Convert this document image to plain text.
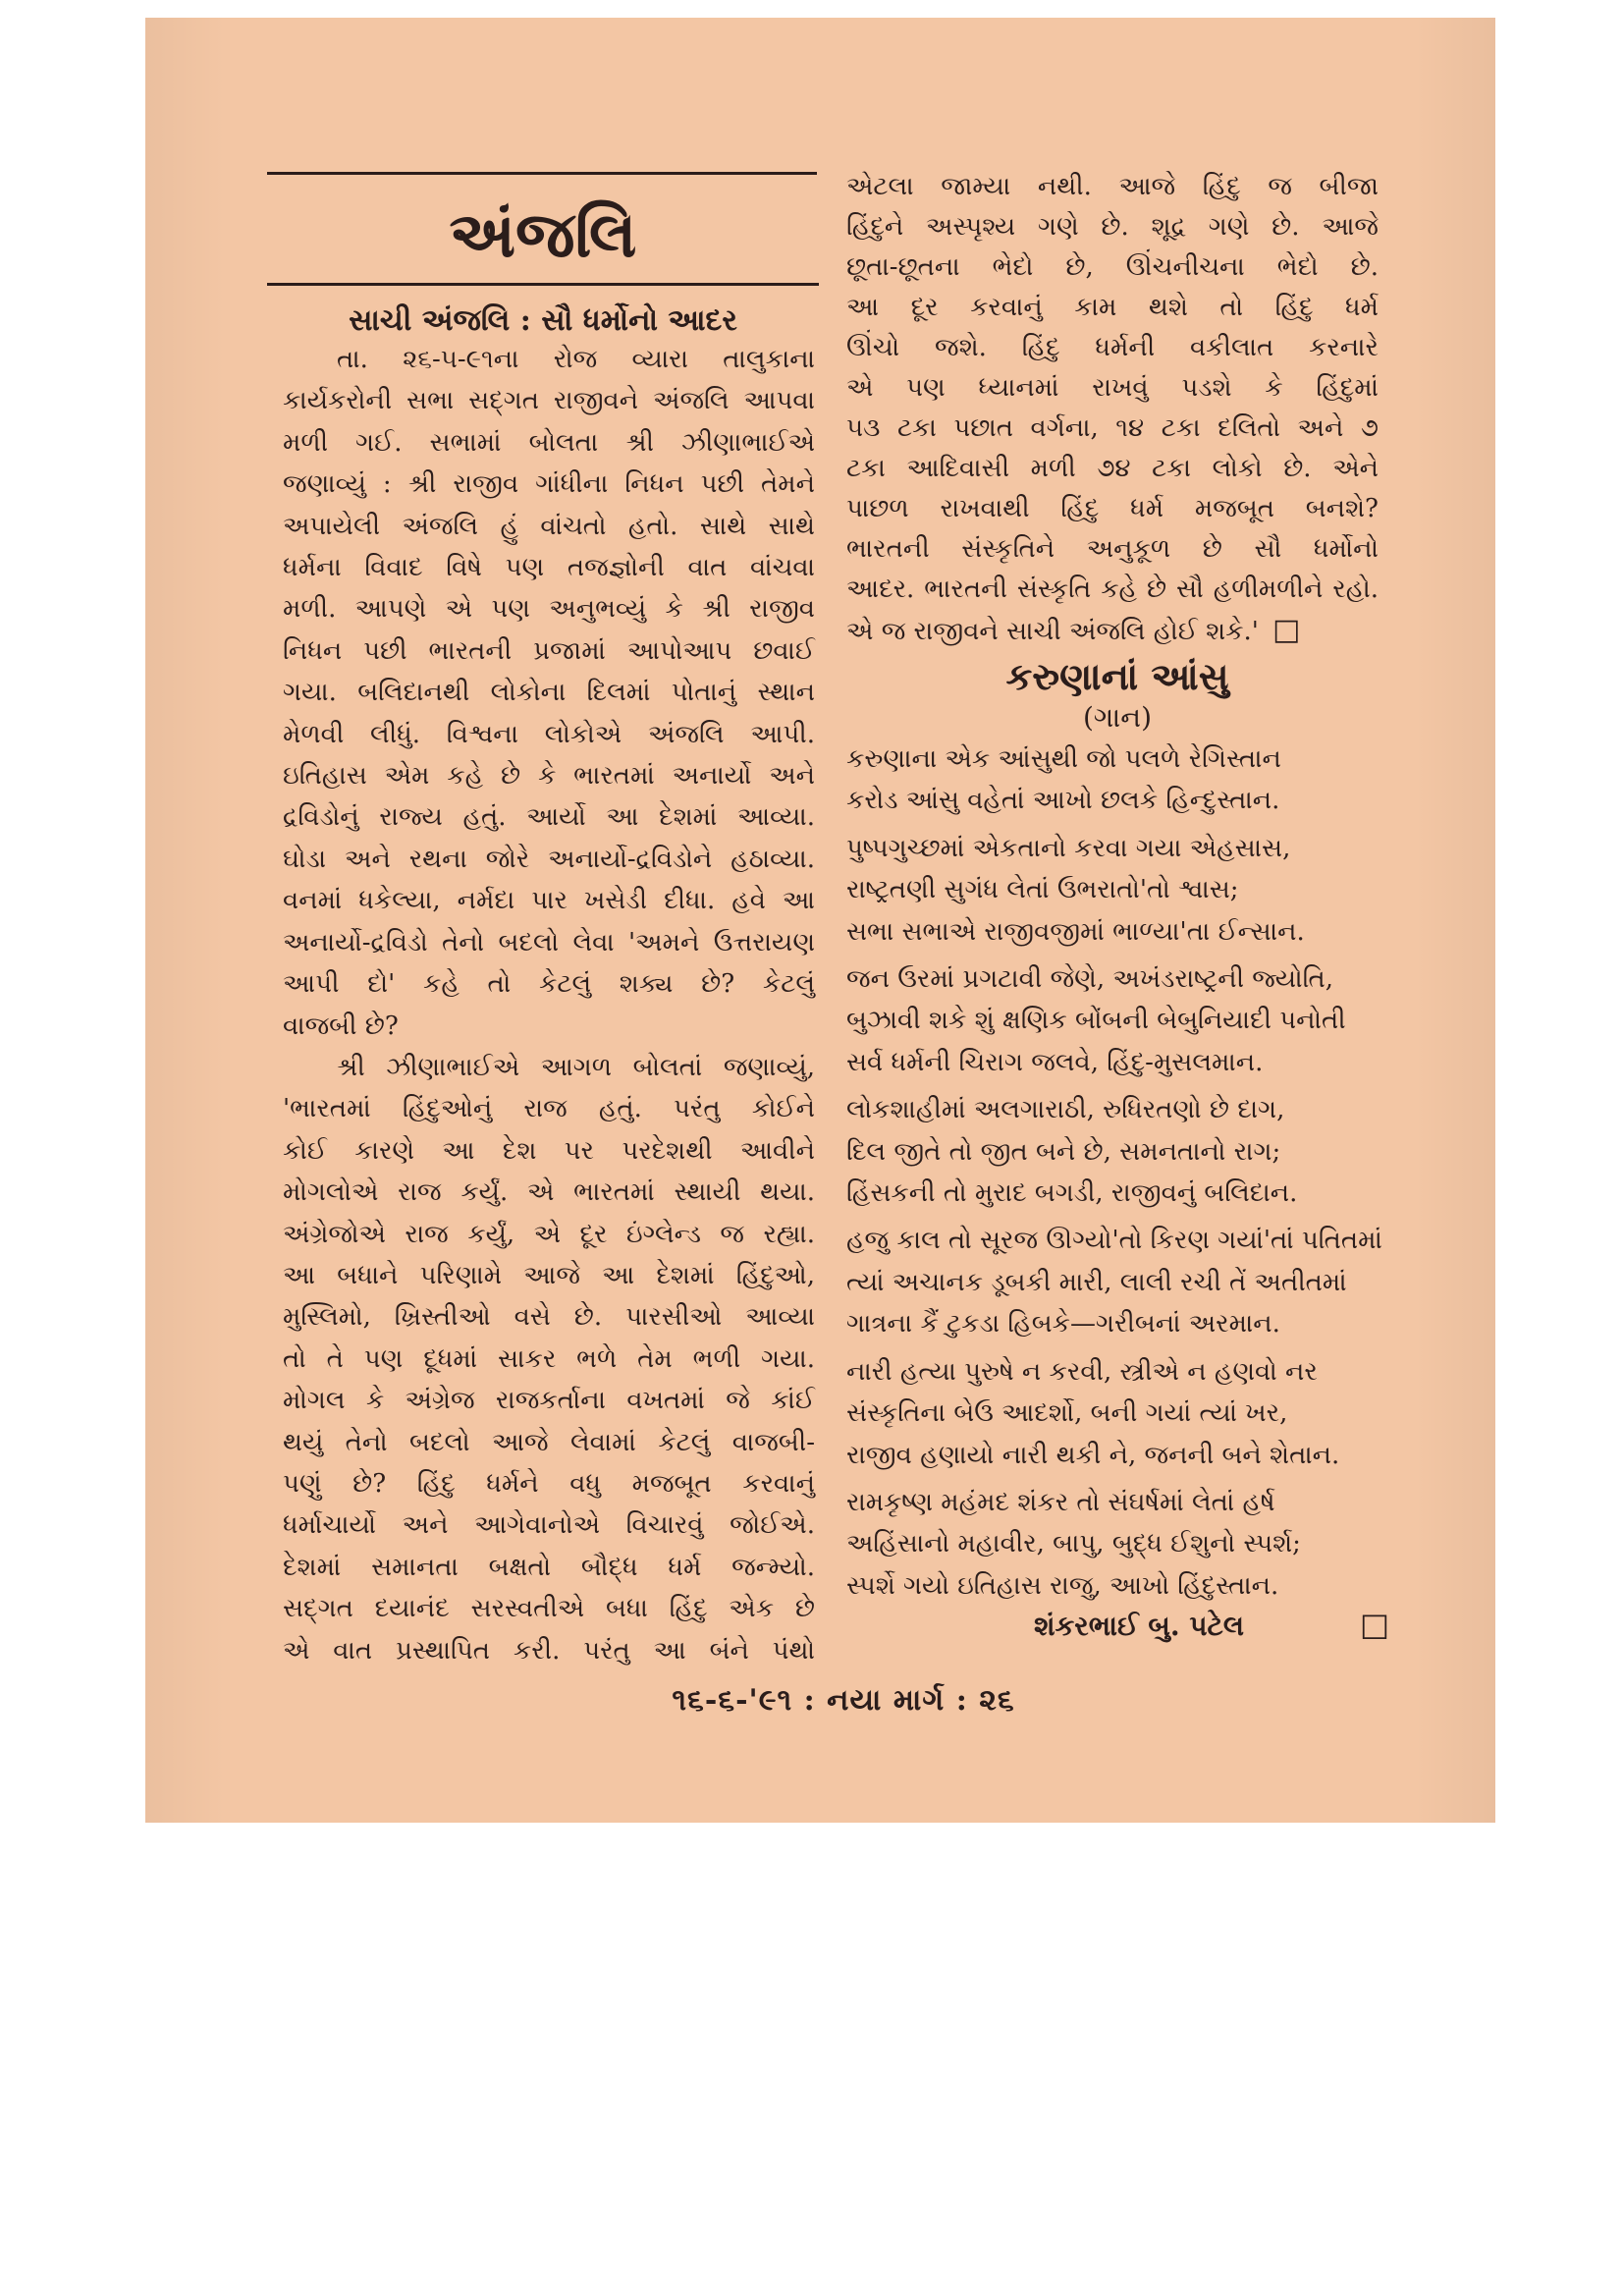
અંજલિ
સાચી અંજલિ : સૌ ધર્મોનો આદર
તા. ૨૬-૫-૯૧ના રોજ વ્યારા તાલુકાના
કાર્યકરોની સભા સદ્ગત રાજીવને અંજલિ આપવા
મળી ગઈ. સભામાં બોલતા શ્રી ઝીણાભાઈએ
જણાવ્યું : શ્રી રાજીવ ગાંધીના નિધન પછી તેમને
અપાયેલી અંજલિ હું વાંચતો હતો. સાથે સાથે
ધર્મના વિવાદ વિષે પણ તજજ્ઞોની વાત વાંચવા
મળી. આપણે એ પણ અનુભવ્યું કે શ્રી રાજીવ
નિધન પછી ભારતની પ્રજામાં આપોઆપ છવાઈ
ગયા. બલિદાનથી લોકોના દિલમાં પોતાનું સ્થાન
મેળવી લીધું. વિશ્વના લોકોએ અંજલિ આપી.
ઇતિહાસ એમ કહે છે કે ભારતમાં અનાર્યો અને
દ્રવિડોનું રાજ્ય હતું. આર્યો આ દેશમાં આવ્યા.
ઘોડા અને રથના જોરે અનાર્યો-દ્રવિડોને હઠાવ્યા.
વનમાં ધકેલ્યા, નર્મદા પાર ખસેડી દીધા. હવે આ
અનાર્યો-દ્રવિડો તેનો બદલો લેવા 'અમને ઉત્તરાયણ
આપી દો' કહે તો કેટલું શક્ય છે? કેટલું
વાજબી છે?
શ્રી ઝીણાભાઈએ આગળ બોલતાં જણાવ્યું,
'ભારતમાં હિંદુઓનું રાજ હતું. પરંતુ કોઈને
કોઈ કારણે આ દેશ પર પરદેશથી આવીને
મોગલોએ રાજ કર્યું. એ ભારતમાં સ્થાયી થયા.
અંગ્રેજોએ રાજ કર્યું, એ દૂર ઇંગ્લેન્ડ જ રહ્યા.
આ બધાને પરિણામે આજે આ દેશમાં હિંદુઓ,
મુસ્લિમો, ખ્રિસ્તીઓ વસે છે. પારસીઓ આવ્યા
તો તે પણ દૂધમાં સાકર ભળે તેમ ભળી ગયા.
મોગલ કે અંગ્રેજ રાજકર્તાના વખતમાં જે કાંઈ
થયું તેનો બદલો આજે લેવામાં કેટલું વાજબી-
પણું છે? હિંદુ ધર્મને વધુ મજબૂત કરવાનું
ધર્માચાર્યો અને આગેવાનોએ વિચારવું જોઈએ.
દેશમાં સમાનતા બક્ષતો બૌદ્ધ ધર્મ જન્મ્યો.
સદ્ગત દયાનંદ સરસ્વતીએ બધા હિંદુ એક છે
એ વાત પ્રસ્થાપિત કરી. પરંતુ આ બંને પંથો
એટલા જામ્યા નથી. આજે હિંદુ જ બીજા
હિંદુને અસ્પૃશ્ય ગણે છે. શૂદ્ર ગણે છે. આજે
છૂતા-છૂતના ભેદો છે, ઊંચનીચના ભેદો છે.
આ દૂર કરવાનું કામ થશે તો હિંદુ ધર્મ
ઊંચો જશે. હિંદુ ધર્મની વકીલાત કરનારે
એ પણ ધ્યાનમાં રાખવું પડશે કે હિંદુમાં
૫૩ ટકા પછાત વર્ગના, ૧૪ ટકા દલિતો અને ૭
ટકા આદિવાસી મળી ૭૪ ટકા લોકો છે. એને
પાછળ રાખવાથી હિંદુ ધર્મ મજબૂત બનશે?
ભારતની સંસ્કૃતિને અનુકૂળ છે સૌ ધર્મોનો
આદર. ભારતની સંસ્કૃતિ કહે છે સૌ હળીમળીને રહો.
એ જ રાજીવને સાચી અંજલિ હોઈ શકે.' □
કરુણાનાં આંસુ
(ગાન)
કરુણાના એક આંસુથી જો પલળે રેગિસ્તાન
કરોડ આંસુ વહેતાં આખો છલકે હિન્દુસ્તાન.
પુષ્પગુચ્છમાં એકતાનો કરવા ગયા એહસાસ,
રાષ્ટ્રતણી સુગંધ લેતાં ઉભરાતો'તો શ્વાસ;
સભા સભાએ રાજીવજીમાં ભાળ્યા'તા ઈન્સાન.
જન ઉરમાં પ્રગટાવી જેણે, અખંડરાષ્ટ્રની જ્યોતિ,
બુઝાવી શકે શું ક્ષણિક બોંબની બેબુનિયાદી પનોતી
સર્વ ધર્મની ચિરાગ જલવે, હિંદુ-મુસલમાન.
લોકશાહીમાં અલગારાઠી, રુધિરતણો છે દાગ,
દિલ જીતે તો જીત બને છે, સમનતાનો રાગ;
હિંસકની તો મુરાદ બગડી, રાજીવનું બલિદાન.
હજુ કાલ તો સૂરજ ઊગ્યો'તો કિરણ ગયાં'તાં પતિતમાં
ત્યાં અચાનક ડૂબકી મારી, લાલી રચી તેં અતીતમાં
ગાત્રના કૈં ટુકડા હિબકે—ગરીબનાં અરમાન.
નારી હત્યા પુરુષે ન કરવી, સ્ત્રીએ ન હણવો નર
સંસ્કૃતિના બેઉ આદર્શો, બની ગયાં ત્યાં ખર,
રાજીવ હણાયો નારી થકી ને, જનની બને શેતાન.
રામકૃષ્ણ મહંમદ શંકર તો સંઘર્ષમાં લેતાં હર્ષ
અહિંસાનો મહાવીર, બાપુ, બુદ્ધ ઈશુનો સ્પર્શ;
સ્પર્શે ગયો ઇતિહાસ રાજુ, આખો હિંદુસ્તાન.
શંકરભાઈ બુ. પટેલ	□
૧૬-૬-'૯૧ : નયા માર્ગ : ૨૬
